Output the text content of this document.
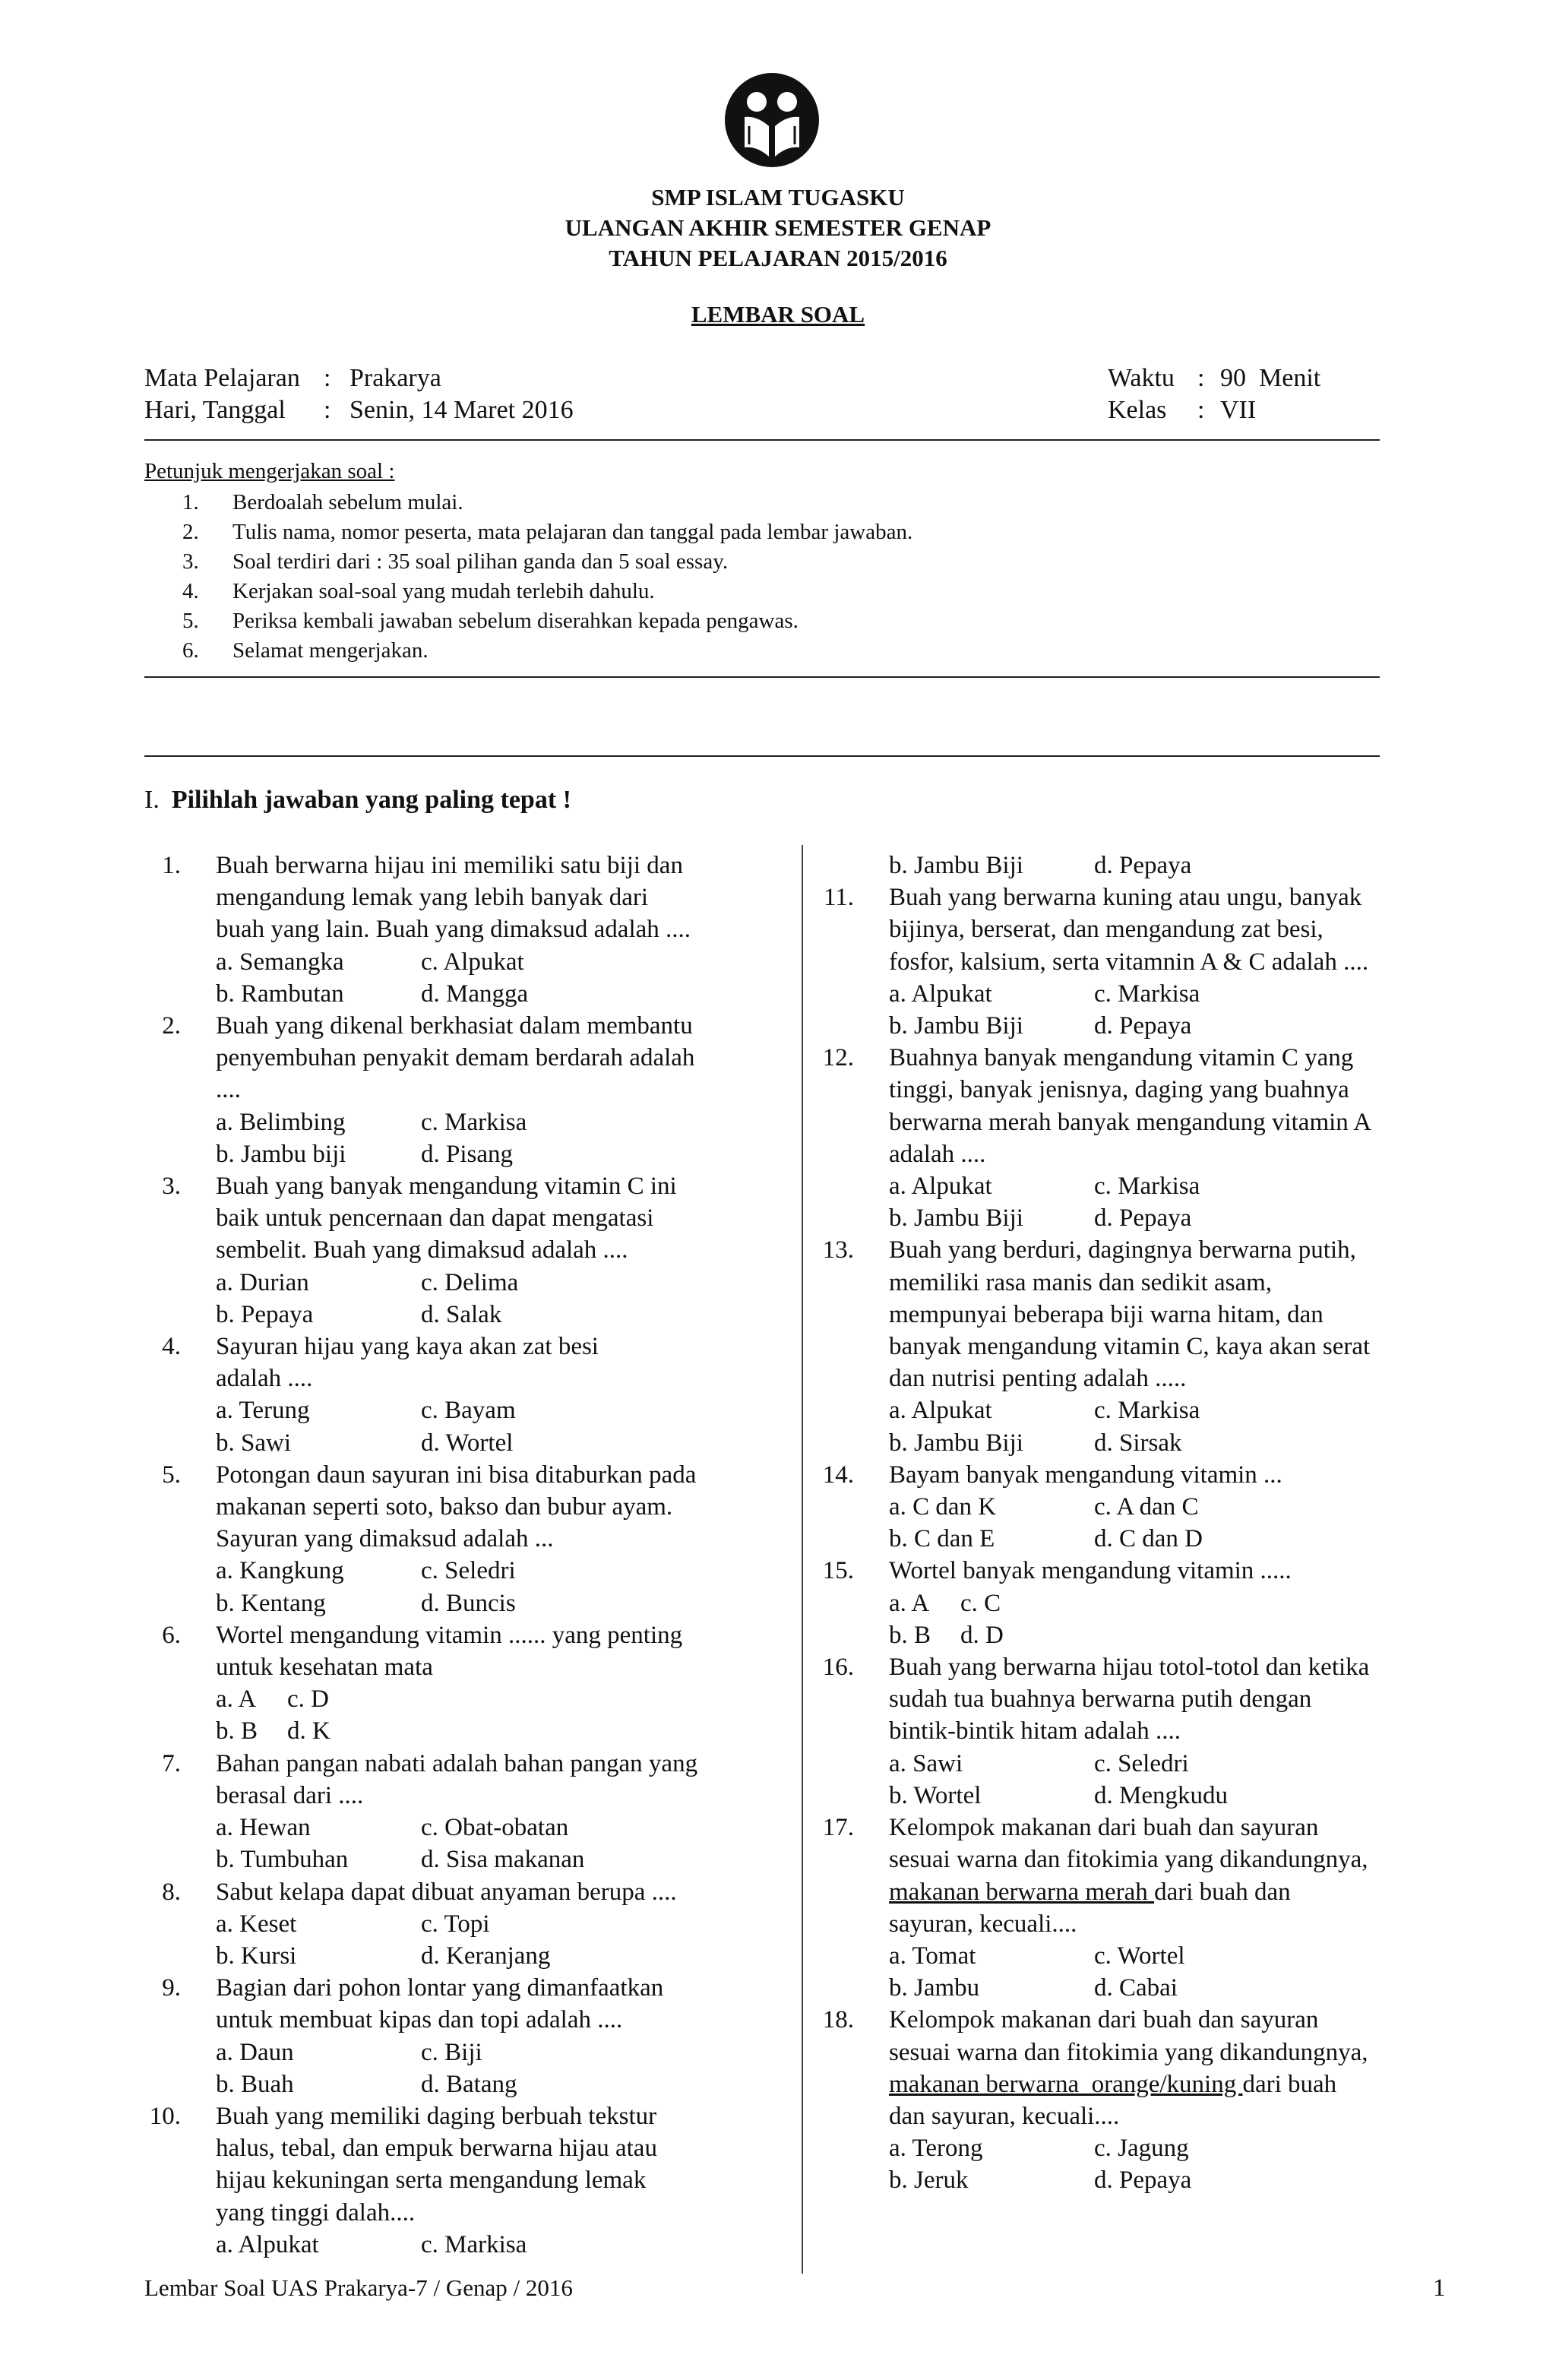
SMP ISLAM TUGASKU
ULANGAN AKHIR SEMESTER GENAP
TAHUN PELAJARAN 2015/2016
LEMBAR SOAL
Mata Pelajaran : Prakarya
Hari, Tanggal : Senin, 14 Maret 2016
Waktu : 90  Menit
Kelas : VII
Petunjuk mengerjakan soal :
1. Berdoalah sebelum mulai.
2. Tulis nama, nomor peserta, mata pelajaran dan tanggal pada lembar jawaban.
3. Soal terdiri dari : 35 soal pilihan ganda dan 5 soal essay.
4. Kerjakan soal-soal yang mudah terlebih dahulu.
5. Periksa kembali jawaban sebelum diserahkan kepada pengawas.
6. Selamat mengerjakan.
I. Pilihlah jawaban yang paling tepat !
1. Buah berwarna hijau ini memiliki satu biji dan
mengandung lemak yang lebih banyak dari
buah yang lain. Buah yang dimaksud adalah ....
a. Semangka	c. Alpukat
b. Rambutan	d. Mangga
2. Buah yang dikenal berkhasiat dalam membantu
penyembuhan penyakit demam berdarah adalah
....
a. Belimbing	c. Markisa
b. Jambu biji	d. Pisang
3. Buah yang banyak mengandung vitamin C ini
baik untuk pencernaan dan dapat mengatasi
sembelit. Buah yang dimaksud adalah ....
a. Durian	c. Delima
b. Pepaya	d. Salak
4. Sayuran hijau yang kaya akan zat besi
adalah ....
a. Terung	c. Bayam
b. Sawi	d. Wortel
5. Potongan daun sayuran ini bisa ditaburkan pada
makanan seperti soto, bakso dan bubur ayam.
Sayuran yang dimaksud adalah ...
a. Kangkung	c. Seledri
b. Kentang	d. Buncis
6. Wortel mengandung vitamin ...... yang penting
untuk kesehatan mata
a. A c. D
b. B d. K
7. Bahan pangan nabati adalah bahan pangan yang
berasal dari ....
a. Hewan	c. Obat-obatan
b. Tumbuhan	d. Sisa makanan
8. Sabut kelapa dapat dibuat anyaman berupa ....
a. Keset	c. Topi
b. Kursi	d. Keranjang
9. Bagian dari pohon lontar yang dimanfaatkan
untuk membuat kipas dan topi adalah ....
a. Daun	c. Biji
b. Buah	d. Batang
10. Buah yang memiliki daging berbuah tekstur
halus, tebal, dan empuk berwarna hijau atau
hijau kekuningan serta mengandung lemak
yang tinggi dalah....
a. Alpukat	c. Markisa
b. Jambu Biji	d. Pepaya
11. Buah yang berwarna kuning atau ungu, banyak
bijinya, berserat, dan mengandung zat besi,
fosfor, kalsium, serta vitamnin A & C adalah ....
a. Alpukat	c. Markisa
b. Jambu Biji	d. Pepaya
12. Buahnya banyak mengandung vitamin C yang
tinggi, banyak jenisnya, daging yang buahnya
berwarna merah banyak mengandung vitamin A
adalah ....
a. Alpukat	c. Markisa
b. Jambu Biji	d. Pepaya
13. Buah yang berduri, dagingnya berwarna putih,
memiliki rasa manis dan sedikit asam,
mempunyai beberapa biji warna hitam, dan
banyak mengandung vitamin C, kaya akan serat
dan nutrisi penting adalah .....
a. Alpukat	c. Markisa
b. Jambu Biji	d. Sirsak
14. Bayam banyak mengandung vitamin ...
a. C dan K	c. A dan C
b. C dan E	d. C dan D
15. Wortel banyak mengandung vitamin .....
a. A c. C
b. B d. D
16. Buah yang berwarna hijau totol-totol dan ketika
sudah tua buahnya berwarna putih dengan
bintik-bintik hitam adalah ....
a. Sawi	c. Seledri
b. Wortel	d. Mengkudu
17. Kelompok makanan dari buah dan sayuran
sesuai warna dan fitokimia yang dikandungnya,
makanan berwarna merah dari buah dan
sayuran, kecuali....
a. Tomat	c. Wortel
b. Jambu	d. Cabai
18. Kelompok makanan dari buah dan sayuran
sesuai warna dan fitokimia yang dikandungnya,
makanan berwarna  orange/kuning dari buah
dan sayuran, kecuali....
a. Terong	c. Jagung
b. Jeruk	d. Pepaya
Lembar Soal UAS Prakarya-7 / Genap / 2016	1
